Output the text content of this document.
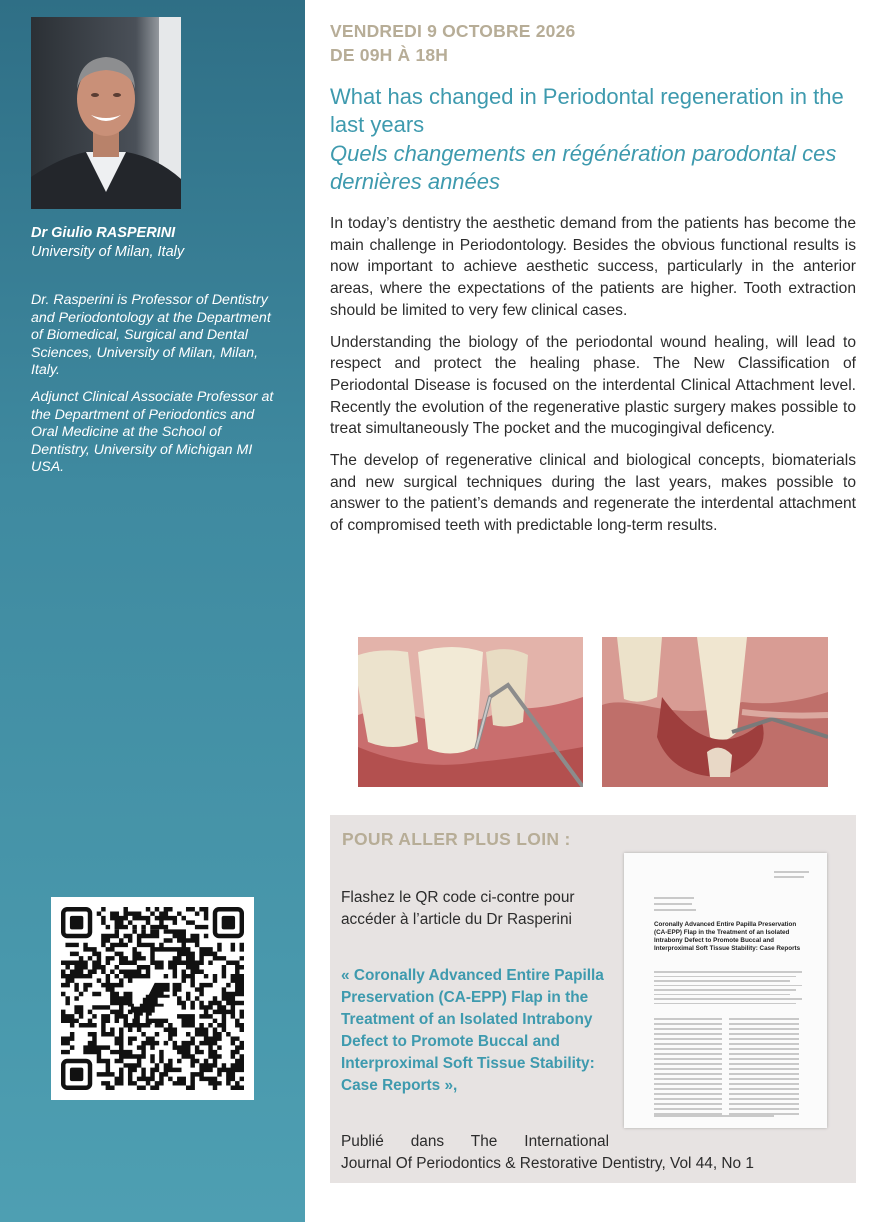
Dr Giulio RASPERINI
University of Milan, Italy

Dr. Rasperini is Professor of Dentistry and Periodontology at the Department of Biomedical, Surgical and Dental Sciences, University of Milan, Milan, Italy.

Adjunct Clinical Associate Professor at the Department of Periodontics and Oral Medicine at the School of Dentistry, University of Michigan MI USA.

VENDREDI 9 OCTOBRE 2026
DE 09H À 18H
What has changed in Periodontal regeneration in the last years
Quels changements en régénération parodontal ces dernières années

In today’s dentistry the aesthetic demand from the patients has become the main challenge in Periodontology. Besides the obvious functional results is now important to achieve aesthetic success, particularly in the anterior areas, where the expectations of the patients are higher. Tooth extraction should be limited to very few clinical cases.

Understanding the biology of the periodontal wound healing, will lead to respect and protect the healing phase. The New Classification of Periodontal Disease is focused on the interdental Clinical Attachment level. Recently the evolution of the regenerative plastic surgery makes possible to treat simultaneously The pocket and the mucogingival deficency.

The develop of regenerative clinical and biological concepts, biomaterials and new surgical techniques during the last years, makes possible to answer to the patient’s demands and regenerate the interdental attachment of compromised teeth with predictable long-term results.

POUR ALLER PLUS LOIN :
Flashez le QR code ci-contre pour accéder à l’article du Dr Rasperini
« Coronally Advanced Entire Papilla Preservation (CA-EPP) Flap in the Treatment of an Isolated Intrabony Defect to Promote Buccal and Interproximal Soft Tissue Stability: Case Reports »,
Publié dans The International
Journal Of Periodontics & Restorative Dentistry, Vol 44, No 1
Coronally Advanced Entire Papilla Preservation (CA-EPP) Flap in the Treatment of an Isolated Intrabony Defect to Promote Buccal and Interproximal Soft Tissue Stability: Case Reports
